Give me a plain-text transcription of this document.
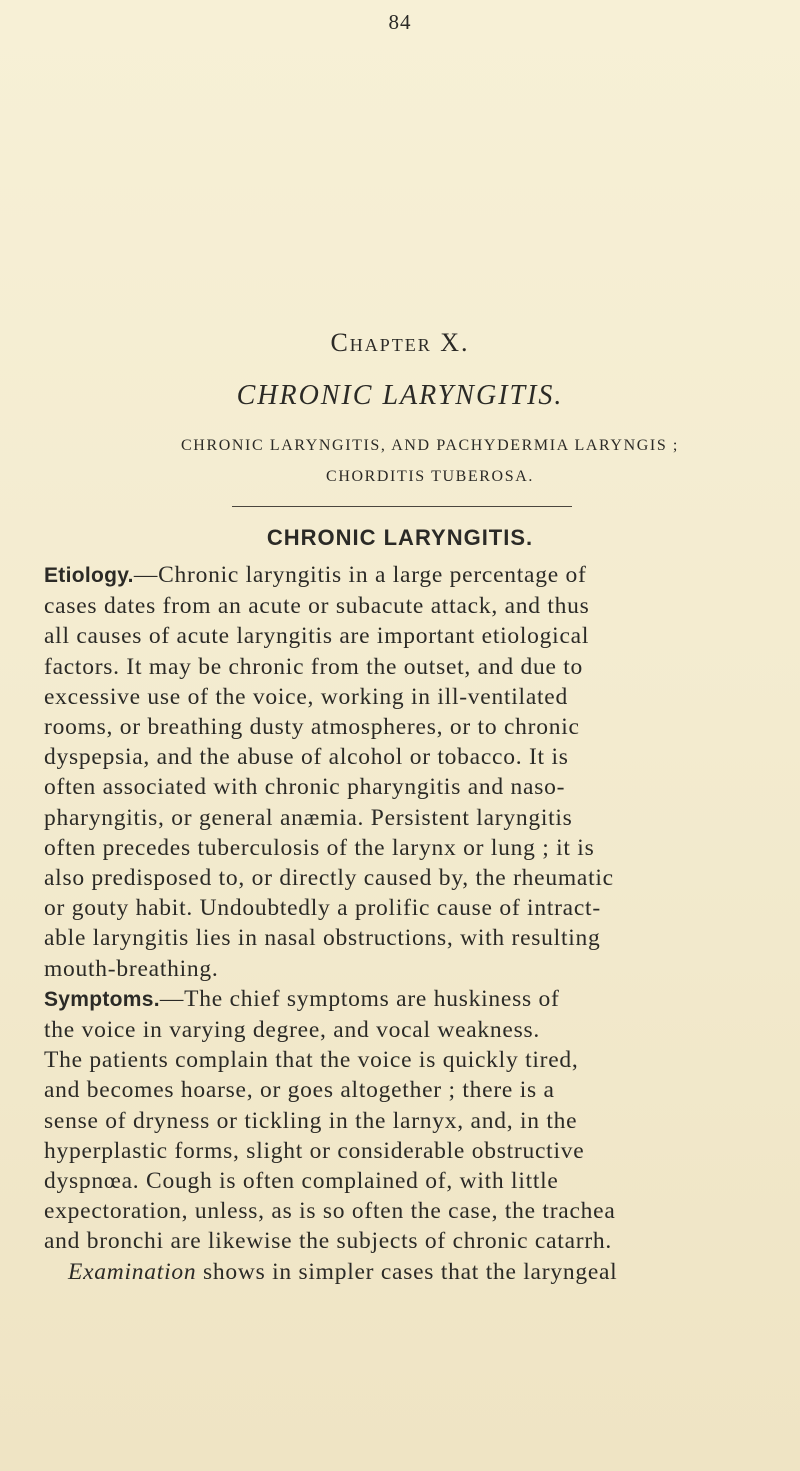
84
Chapter X.
CHRONIC LARYNGITIS.
CHRONIC LARYNGITIS, AND PACHYDERMIA LARYNGIS ;
CHORDITIS TUBEROSA.
CHRONIC LARYNGITIS.
Etiology.—Chronic laryngitis in a large percentage of
cases dates from an acute or subacute attack, and thus
all causes of acute laryngitis are important etiological
factors. It may be chronic from the outset, and due to
excessive use of the voice, working in ill-ventilated
rooms, or breathing dusty atmospheres, or to chronic
dyspepsia, and the abuse of alcohol or tobacco. It is
often associated with chronic pharyngitis and naso-
pharyngitis, or general anæmia. Persistent laryngitis
often precedes tuberculosis of the larynx or lung ; it is
also predisposed to, or directly caused by, the rheumatic
or gouty habit. Undoubtedly a prolific cause of intract-
able laryngitis lies in nasal obstructions, with resulting
mouth-breathing.
Symptoms.—The chief symptoms are huskiness of
the voice in varying degree, and vocal weakness.
The patients complain that the voice is quickly tired,
and becomes hoarse, or goes altogether ; there is a
sense of dryness or tickling in the larnyx, and, in the
hyperplastic forms, slight or considerable obstructive
dyspnœa. Cough is often complained of, with little
expectoration, unless, as is so often the case, the trachea
and bronchi are likewise the subjects of chronic catarrh.
Examination shows in simpler cases that the laryngeal
